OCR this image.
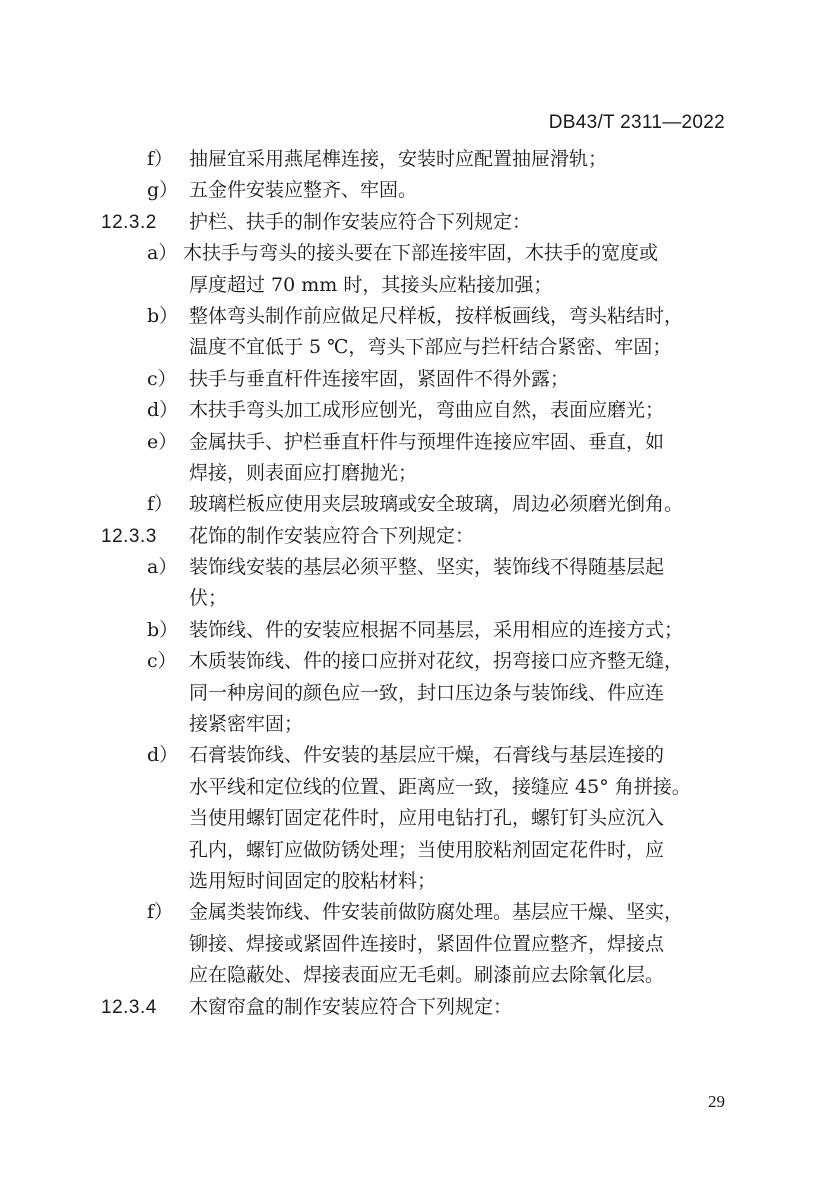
DB43/T 2311—2022
f） 抽屉宜采用燕尾榫连接，安装时应配置抽屉滑轨；
g） 五金件安装应整齐、牢固。
12.3.2 护栏、扶手的制作安装应符合下列规定：
a） 木扶手与弯头的接头要在下部连接牢固，木扶手的宽度或
厚度超过 70 mm 时，其接头应粘接加强；
b） 整体弯头制作前应做足尺样板，按样板画线，弯头粘结时，
温度不宜低于 5 ℃，弯头下部应与拦杆结合紧密、牢固；
c） 扶手与垂直杆件连接牢固，紧固件不得外露；
d） 木扶手弯头加工成形应刨光，弯曲应自然，表面应磨光；
e） 金属扶手、护栏垂直杆件与预埋件连接应牢固、垂直，如
焊接，则表面应打磨抛光；
f） 玻璃栏板应使用夹层玻璃或安全玻璃，周边必须磨光倒角。
12.3.3 花饰的制作安装应符合下列规定：
a） 装饰线安装的基层必须平整、坚实，装饰线不得随基层起
伏；
b） 装饰线、件的安装应根据不同基层，采用相应的连接方式；
c） 木质装饰线、件的接口应拼对花纹，拐弯接口应齐整无缝，
同一种房间的颜色应一致，封口压边条与装饰线、件应连
接紧密牢固；
d） 石膏装饰线、件安装的基层应干燥，石膏线与基层连接的
水平线和定位线的位置、距离应一致，接缝应 45° 角拼接。
当使用螺钉固定花件时，应用电钻打孔，螺钉钉头应沉入
孔内，螺钉应做防锈处理；当使用胶粘剂固定花件时，应
选用短时间固定的胶粘材料；
f） 金属类装饰线、件安装前做防腐处理。基层应干燥、坚实，
铆接、焊接或紧固件连接时，紧固件位置应整齐，焊接点
应在隐蔽处、焊接表面应无毛刺。刷漆前应去除氧化层。
12.3.4 木窗帘盒的制作安装应符合下列规定：
29
